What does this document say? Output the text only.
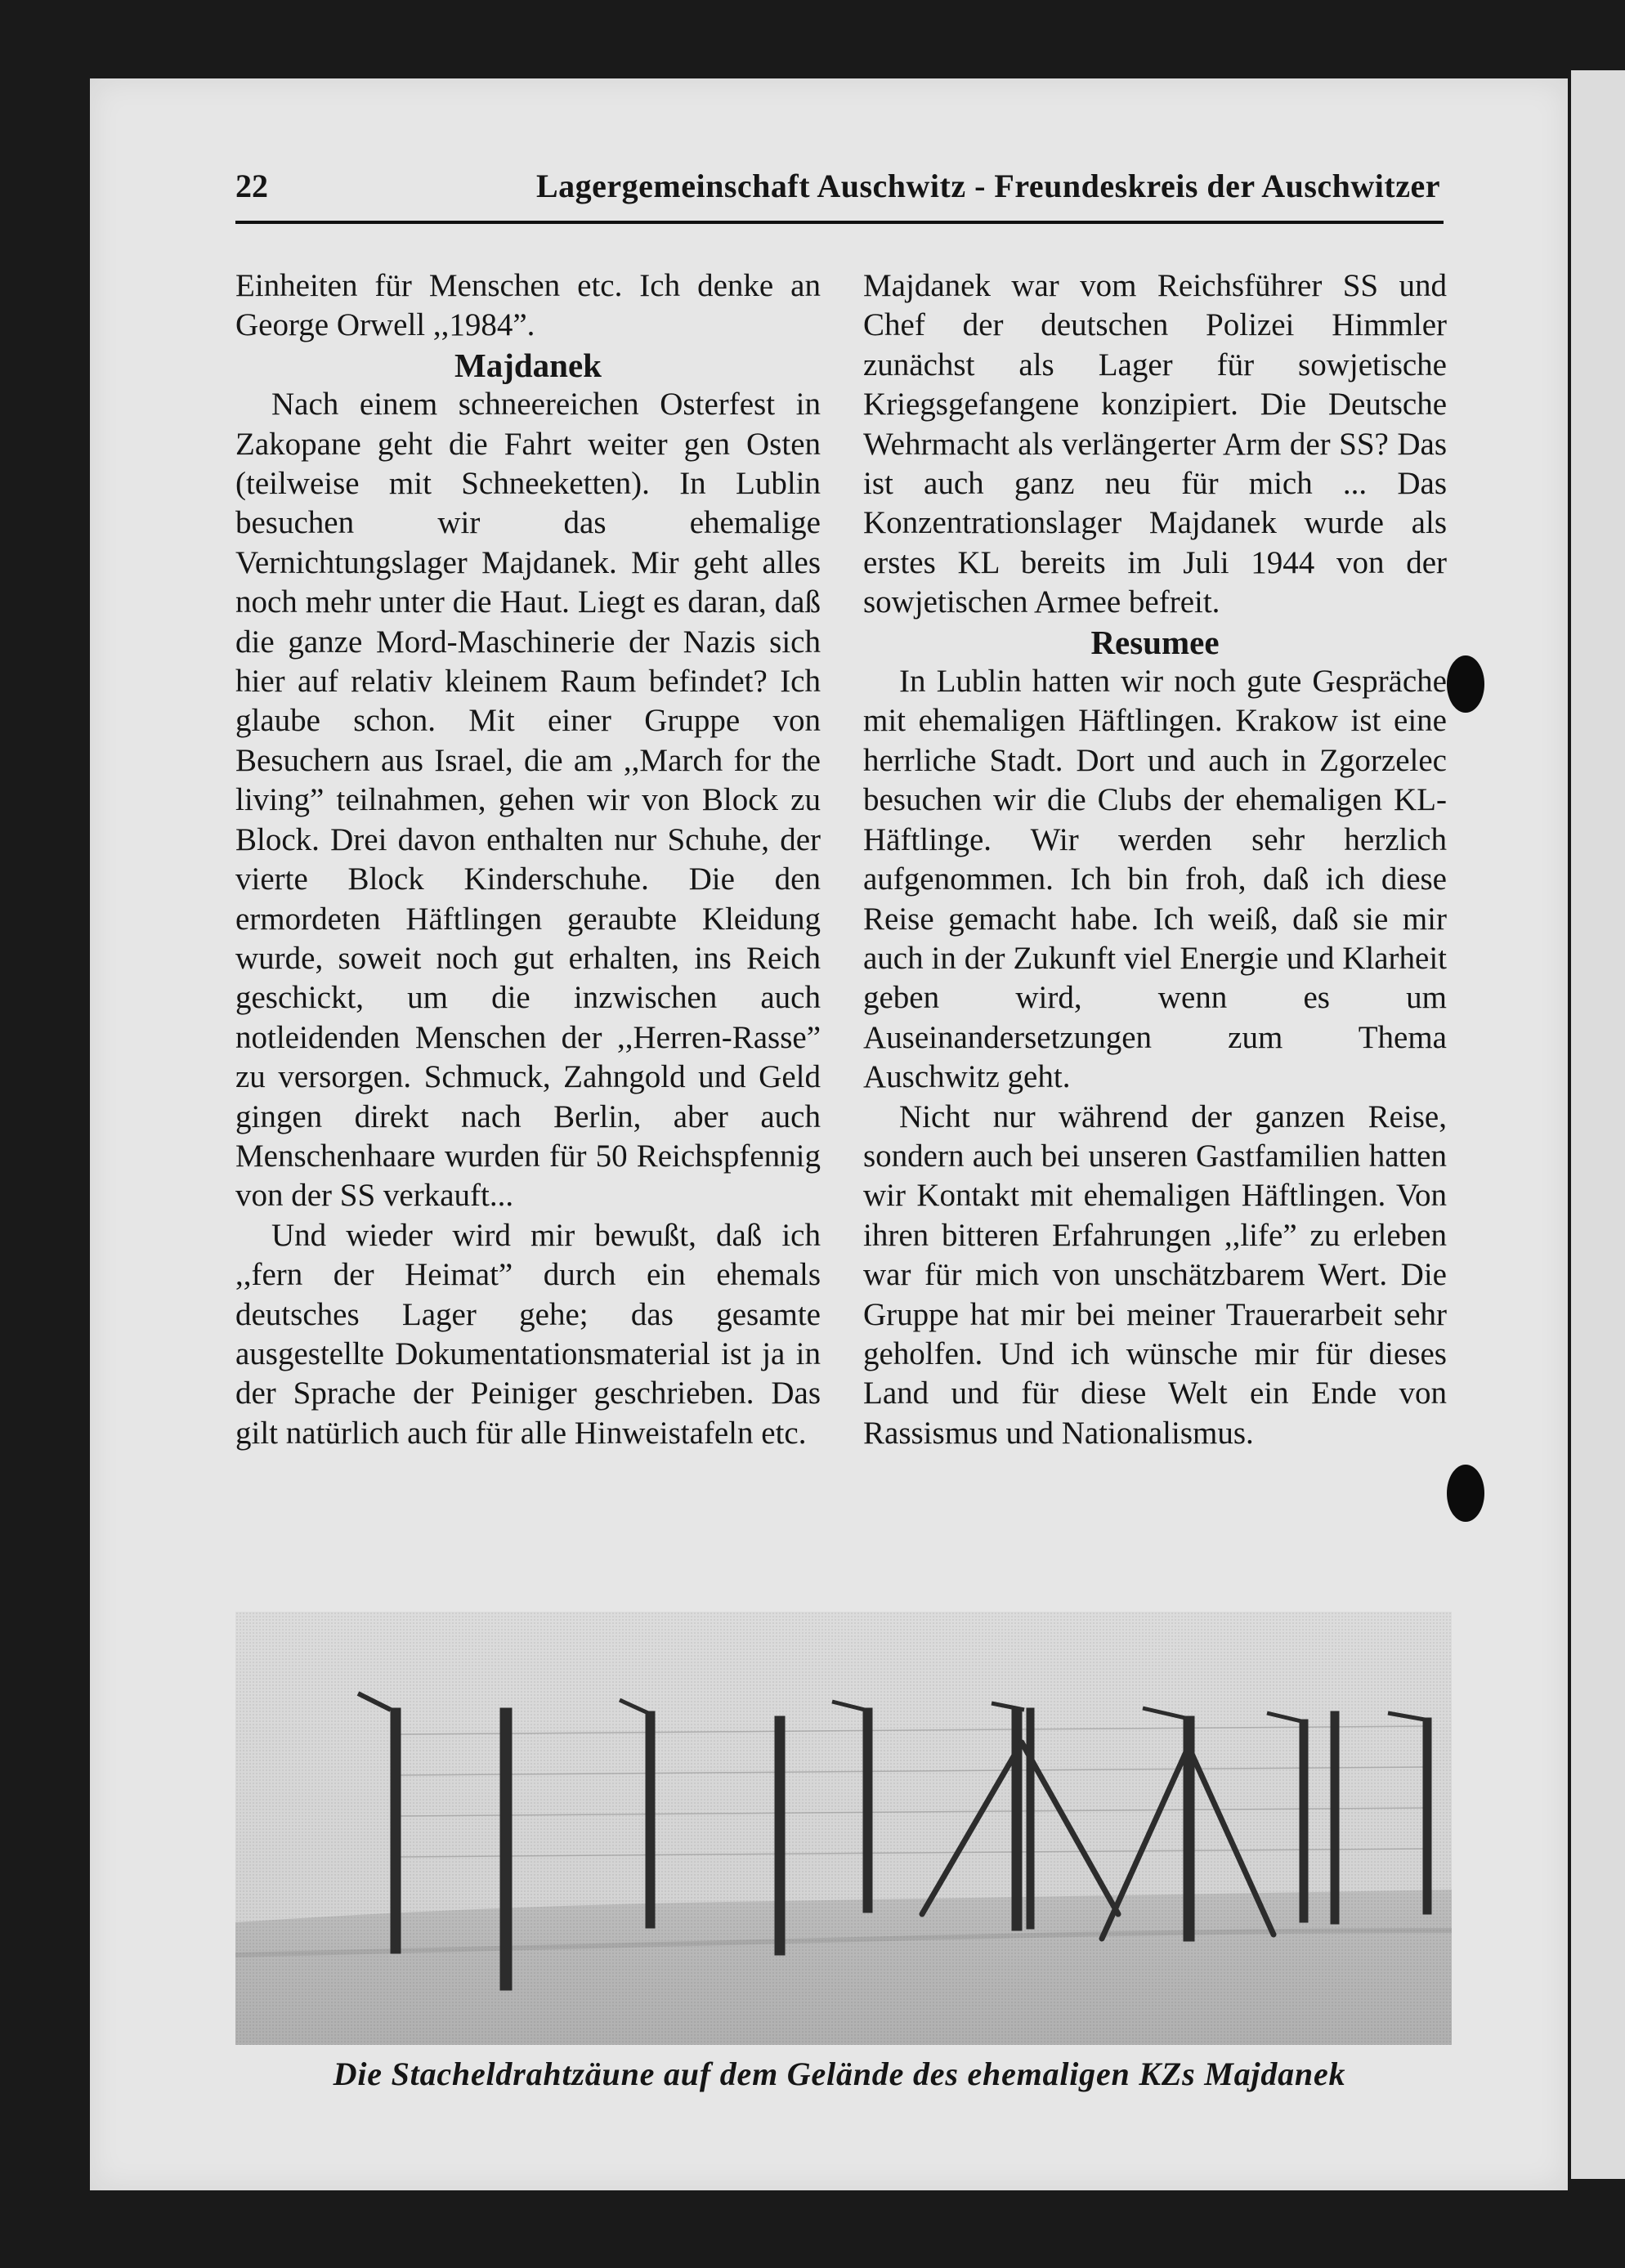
22	Lagergemeinschaft Auschwitz - Freundeskreis der Auschwitzer

Einheiten für Menschen etc. Ich denke an George Orwell ,,1984”.

Majdanek

Nach einem schneereichen Osterfest in Zakopane geht die Fahrt weiter gen Osten (teilweise mit Schneeketten). In Lublin besuchen wir das ehemalige Vernichtungslager Majdanek. Mir geht alles noch mehr unter die Haut. Liegt es daran, daß die ganze Mord-Maschinerie der Nazis sich hier auf relativ kleinem Raum befindet? Ich glaube schon. Mit einer Gruppe von Besuchern aus Israel, die am ,,March for the living” teilnahmen, gehen wir von Block zu Block. Drei davon enthalten nur Schuhe, der vierte Block Kinderschuhe. Die den ermordeten Häftlingen geraubte Kleidung wurde, soweit noch gut erhalten, ins Reich geschickt, um die inzwischen auch notleidenden Menschen der ,,Herren-Rasse” zu versorgen. Schmuck, Zahngold und Geld gingen direkt nach Berlin, aber auch Menschenhaare wurden für 50 Reichspfennig von der SS verkauft...

Und wieder wird mir bewußt, daß ich ,,fern der Heimat” durch ein ehemals deutsches Lager gehe; das gesamte ausgestellte Dokumentationsmaterial ist ja in der Sprache der Peiniger geschrieben. Das gilt natürlich auch für alle Hinweistafeln etc.

Majdanek war vom Reichsführer SS und Chef der deutschen Polizei Himmler zunächst als Lager für sowjetische Kriegsgefangene konzipiert. Die Deutsche Wehrmacht als verlängerter Arm der SS? Das ist auch ganz neu für mich ... Das Konzentrationslager Majdanek wurde als erstes KL bereits im Juli 1944 von der sowjetischen Armee befreit.

Resumee

In Lublin hatten wir noch gute Gespräche mit ehemaligen Häftlingen. Krakow ist eine herrliche Stadt. Dort und auch in Zgorzelec besuchen wir die Clubs der ehemaligen KL-Häftlinge. Wir werden sehr herzlich aufgenommen. Ich bin froh, daß ich diese Reise gemacht habe. Ich weiß, daß sie mir auch in der Zukunft viel Energie und Klarheit geben wird, wenn es um Auseinandersetzungen zum Thema Auschwitz geht.

Nicht nur während der ganzen Reise, sondern auch bei unseren Gastfamilien hatten wir Kontakt mit ehemaligen Häftlingen. Von ihren bitteren Erfahrungen ,,life” zu erleben war für mich von unschätzbarem Wert. Die Gruppe hat mir bei meiner Trauerarbeit sehr geholfen. Und ich wünsche mir für dieses Land und für diese Welt ein Ende von Rassismus und Nationalismus.

Die Stacheldrahtzäune auf dem Gelände des ehemaligen KZs Majdanek
